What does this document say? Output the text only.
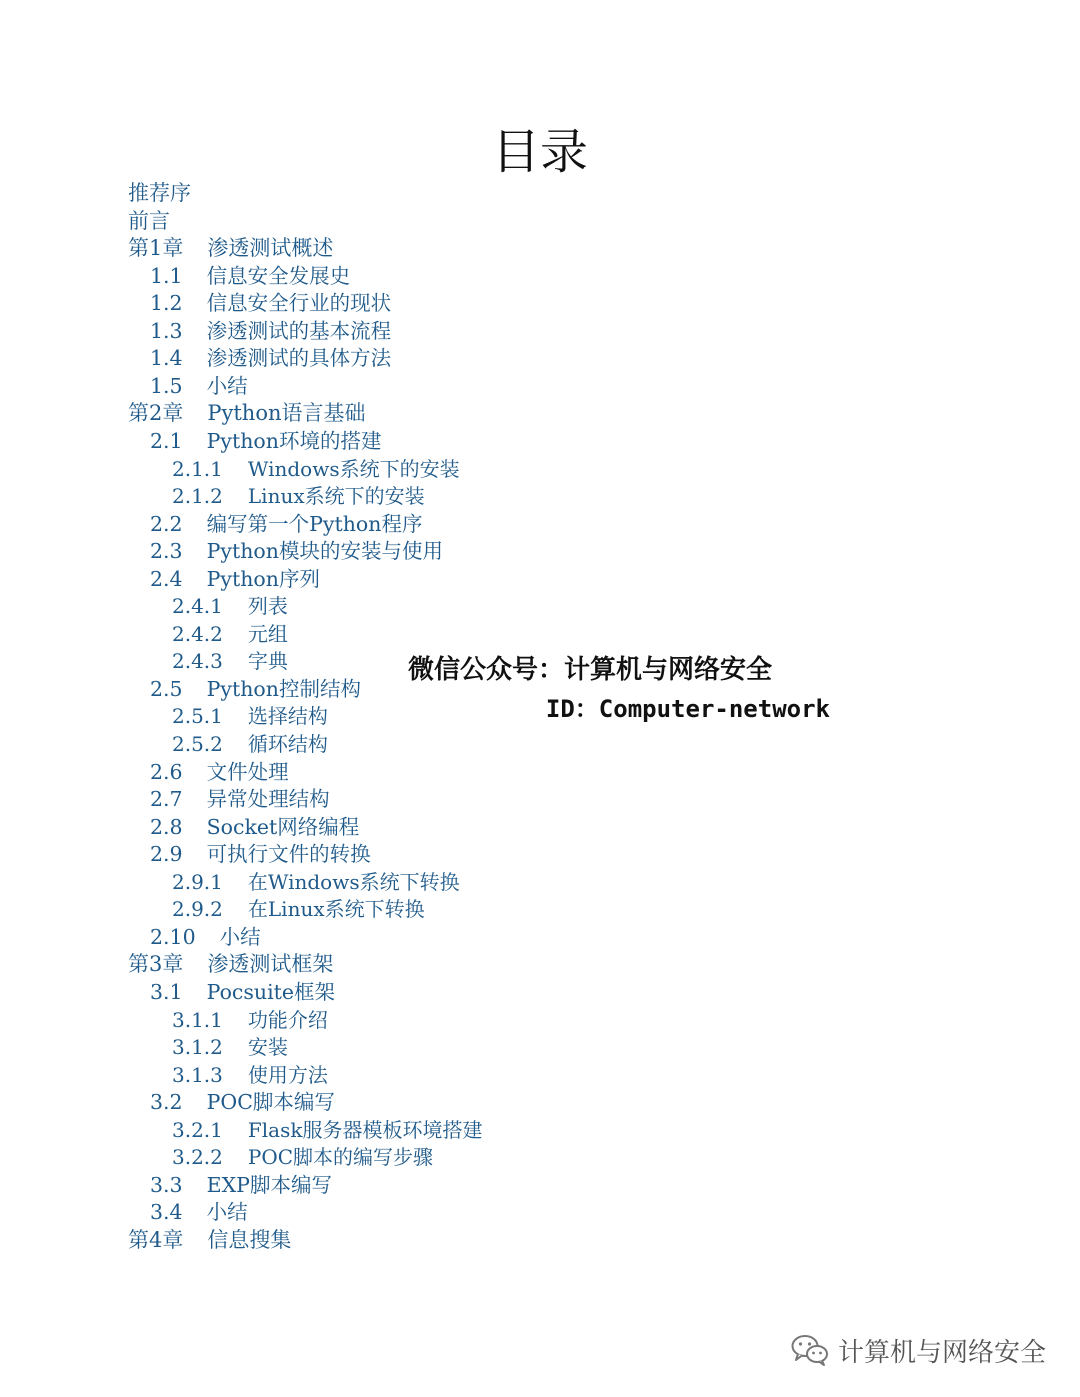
目录
推荐序
前言
第1章 渗透测试概述
1.1 信息安全发展史
1.2 信息安全行业的现状
1.3 渗透测试的基本流程
1.4 渗透测试的具体方法
1.5 小结
第2章 Python语言基础
2.1 Python环境的搭建
2.1.1 Windows系统下的安装
2.1.2 Linux系统下的安装
2.2 编写第一个Python程序
2.3 Python模块的安装与使用
2.4 Python序列
2.4.1 列表
2.4.2 元组
2.4.3 字典
2.5 Python控制结构
2.5.1 选择结构
2.5.2 循环结构
2.6 文件处理
2.7 异常处理结构
2.8 Socket网络编程
2.9 可执行文件的转换
2.9.1 在Windows系统下转换
2.9.2 在Linux系统下转换
2.10 小结
第3章 渗透测试框架
3.1 Pocsuite框架
3.1.1 功能介绍
3.1.2 安装
3.1.3 使用方法
3.2 POC脚本编写
3.2.1 Flask服务器模板环境搭建
3.2.2 POC脚本的编写步骤
3.3 EXP脚本编写
3.4 小结
第4章 信息搜集
微信公众号：计算机与网络安全
ID：Computer-network
计算机与网络安全
